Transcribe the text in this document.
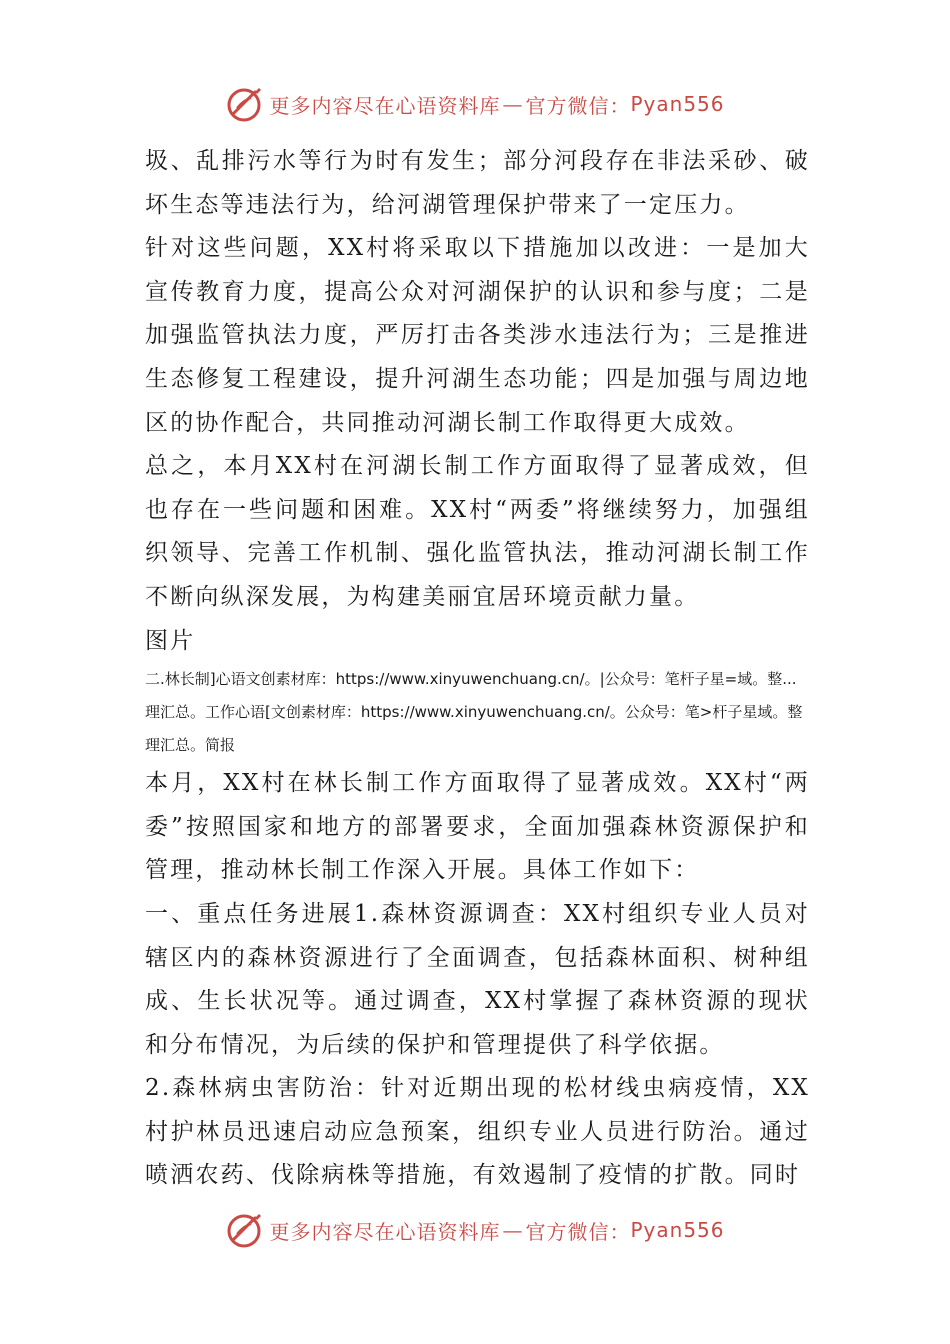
更多内容尽在心语资料库 — 官方微信： Pyan556

圾、乱排污水等行为时有发生；部分河段存在非法采砂、破坏生态等违法行为，给河湖管理保护带来了一定压力。

针对这些问题，XX村将采取以下措施加以改进：一是加大宣传教育力度，提高公众对河湖保护的认识和参与度；二是加强监管执法力度，严厉打击各类涉水违法行为；三是推进生态修复工程建设，提升河湖生态功能；四是加强与周边地区的协作配合，共同推动河湖长制工作取得更大成效。

总之，本月XX村在河湖长制工作方面取得了显著成效，但也存在一些问题和困难。XX村“两委”将继续努力，加强组织领导、完善工作机制、强化监管执法，推动河湖长制工作不断向纵深发展，为构建美丽宜居环境贡献力量。

图片

二.林长制]心语文创素材库：https://www.xinyuwenchuang.cn/。|公众号：笔杆子星=域。整...理汇总。工作心语[文创素材库：https://www.xinyuwenchuang.cn/。公众号：笔>杆子星域。整理汇总。简报

本月，XX村在林长制工作方面取得了显著成效。XX村“两委”按照国家和地方的部署要求，全面加强森林资源保护和管理，推动林长制工作深入开展。具体工作如下：

一、重点任务进展1.森林资源调查：XX村组织专业人员对辖区内的森林资源进行了全面调查，包括森林面积、树种组成、生长状况等。通过调查，XX村掌握了森林资源的现状和分布情况，为后续的保护和管理提供了科学依据。

2.森林病虫害防治：针对近期出现的松材线虫病疫情，XX村护林员迅速启动应急预案，组织专业人员进行防治。通过喷洒农药、伐除病株等措施，有效遏制了疫情的扩散。同时

更多内容尽在心语资料库 — 官方微信： Pyan556
